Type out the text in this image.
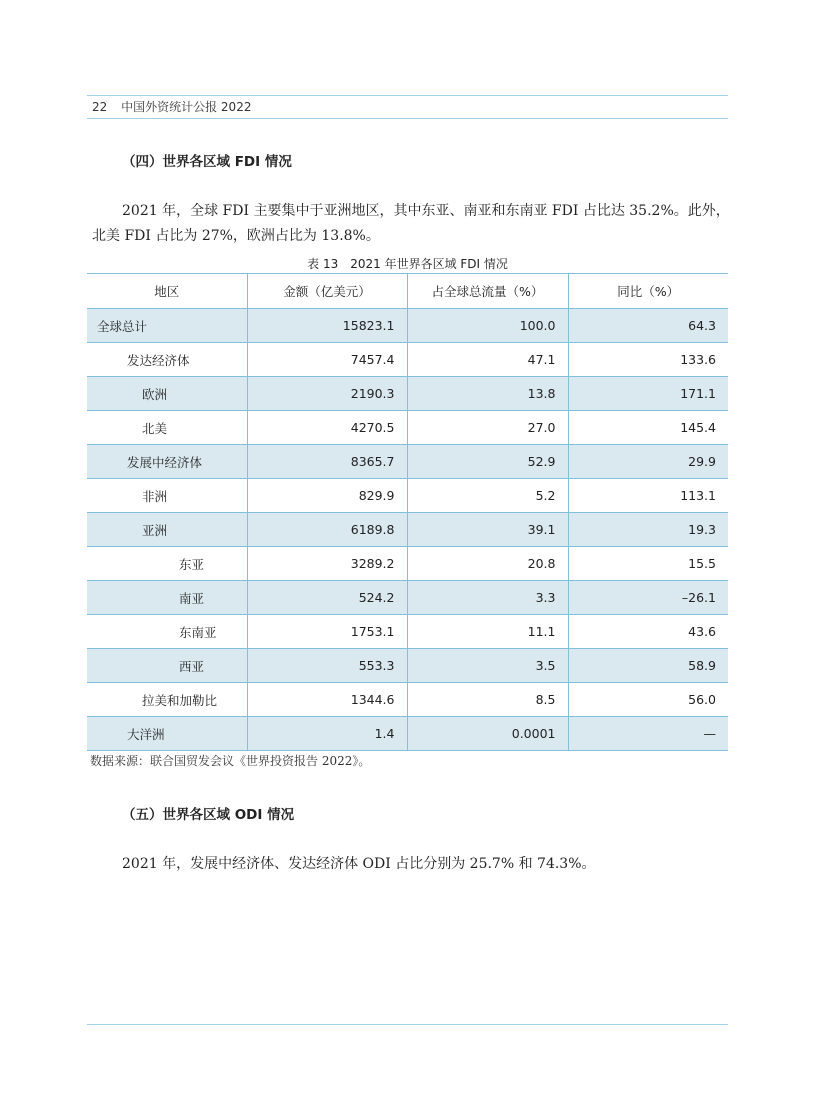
22 中国外资统计公报 2022
（四）世界各区域 FDI 情况

2021 年，全球 FDI 主要集中于亚洲地区，其中东亚、南亚和东南亚 FDI 占比达 35.2%。此外，

北美 FDI 占比为 27%，欧洲占比为 13.8%。

表 13　2021 年世界各区域 FDI 情况
地区	金额（亿美元）	占全球总流量（%）	同比（%）
全球总计	15823.1	100.0	64.3
发达经济体	7457.4	47.1	133.6
欧洲	2190.3	13.8	171.1
北美	4270.5	27.0	145.4
发展中经济体	8365.7	52.9	29.9
非洲	829.9	5.2	113.1
亚洲	6189.8	39.1	19.3
东亚	3289.2	20.8	15.5
南亚	524.2	3.3	–26.1
东南亚	1753.1	11.1	43.6
西亚	553.3	3.5	58.9
拉美和加勒比	1344.6	8.5	56.0
大洋洲	1.4	0.0001	—
数据来源：联合国贸发会议《世界投资报告 2022》。
（五）世界各区域 ODI 情况

2021 年，发展中经济体、发达经济体 ODI 占比分别为 25.7% 和 74.3%。
